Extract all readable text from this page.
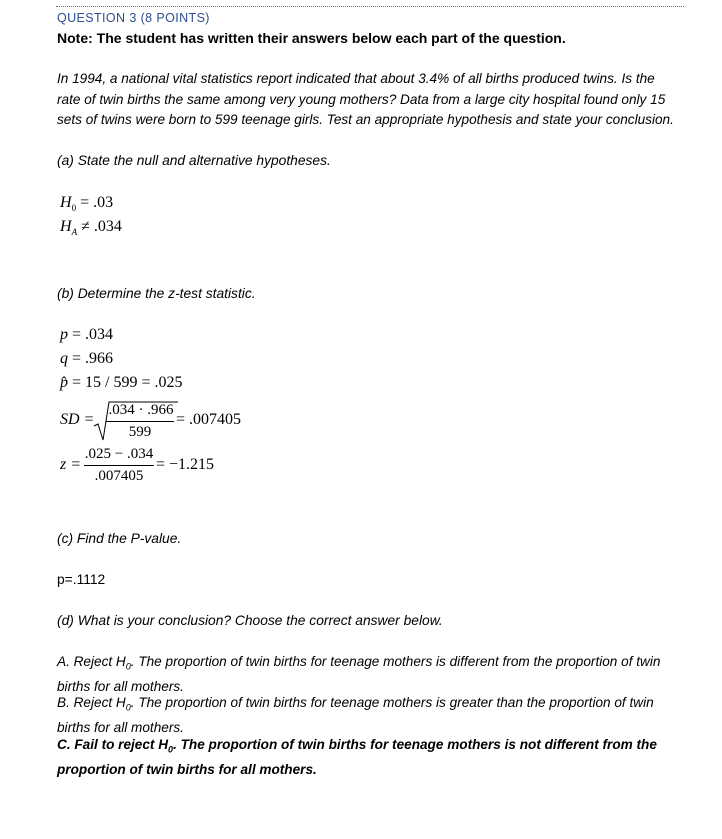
QUESTION 3 (8 POINTS)
Note: The student has written their answers below each part of the question.

In 1994, a national vital statistics report indicated that about 3.4% of all births produced twins. Is the rate of twin births the same among very young mothers? Data from a large city hospital found only 15 sets of twins were born to 599 teenage girls. Test an appropriate hypothesis and state your conclusion.

(a) State the null and alternative hypotheses.
$H_0 = .03$
$H_A \ne .034$
(b) Determine the z-test statistic.
p = .034
q = .966
p̂ = 15 / 599 = .025
SD =
.034 · .966
599
= .007405
z =
.025 − .034
.007405
= −1.215
(c) Find the P-value.
p=.1112
(d) What is your conclusion? Choose the correct answer below.

A. Reject $H_0$. The proportion of twin births for teenage mothers is different from the proportion of twin births for all mothers.

B. Reject $H_0$. The proportion of twin births for teenage mothers is greater than the proportion of twin births for all mothers.

C. Fail to reject $H_0$. The proportion of twin births for teenage mothers is not different from the proportion of twin births for all mothers.
